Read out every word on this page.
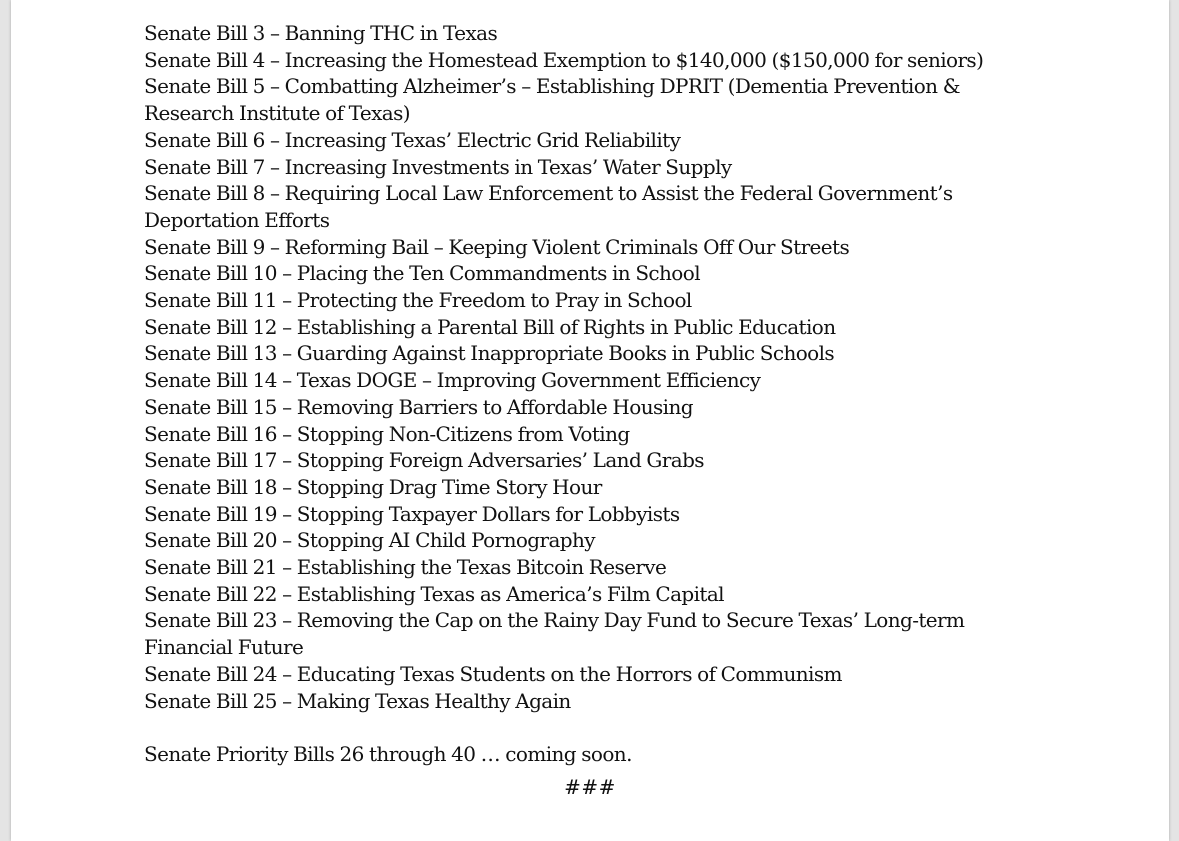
Senate Bill 3 – Banning THC in Texas

Senate Bill 4 – Increasing the Homestead Exemption to $140,000 ($150,000 for seniors)

Senate Bill 5 – Combatting Alzheimer’s – Establishing DPRIT (Dementia Prevention &

Research Institute of Texas)

Senate Bill 6 – Increasing Texas’ Electric Grid Reliability

Senate Bill 7 – Increasing Investments in Texas’ Water Supply

Senate Bill 8 – Requiring Local Law Enforcement to Assist the Federal Government’s

Deportation Efforts

Senate Bill 9 – Reforming Bail – Keeping Violent Criminals Off Our Streets

Senate Bill 10 – Placing the Ten Commandments in School

Senate Bill 11 – Protecting the Freedom to Pray in School

Senate Bill 12 – Establishing a Parental Bill of Rights in Public Education

Senate Bill 13 – Guarding Against Inappropriate Books in Public Schools

Senate Bill 14 – Texas DOGE – Improving Government Efficiency

Senate Bill 15 – Removing Barriers to Affordable Housing

Senate Bill 16 – Stopping Non-Citizens from Voting

Senate Bill 17 – Stopping Foreign Adversaries’ Land Grabs

Senate Bill 18 – Stopping Drag Time Story Hour

Senate Bill 19 – Stopping Taxpayer Dollars for Lobbyists

Senate Bill 20 – Stopping AI Child Pornography

Senate Bill 21 – Establishing the Texas Bitcoin Reserve

Senate Bill 22 – Establishing Texas as America’s Film Capital

Senate Bill 23 – Removing the Cap on the Rainy Day Fund to Secure Texas’ Long-term

Financial Future

Senate Bill 24 – Educating Texas Students on the Horrors of Communism

Senate Bill 25 – Making Texas Healthy Again

Senate Priority Bills 26 through 40 … coming soon.

###
